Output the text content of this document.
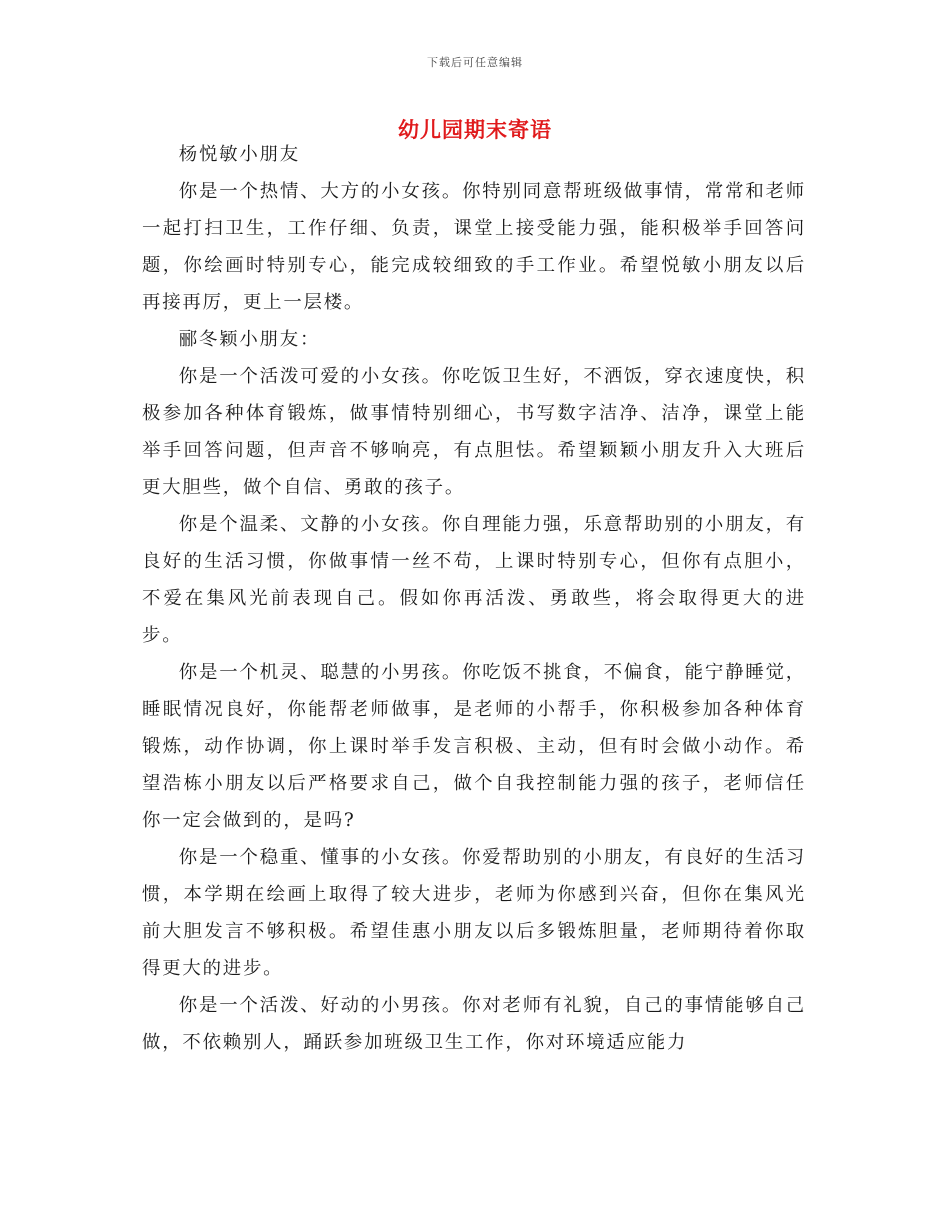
下载后可任意编辑
幼儿园期末寄语

杨悦敏小朋友

你是一个热情、大方的小女孩。你特别同意帮班级做事情，常常和老师一起打扫卫生，工作仔细、负责，课堂上接受能力强，能积极举手回答问题，你绘画时特别专心，能完成较细致的手工作业。希望悦敏小朋友以后再接再厉，更上一层楼。

郦冬颖小朋友：

你是一个活泼可爱的小女孩。你吃饭卫生好，不洒饭，穿衣速度快，积极参加各种体育锻炼，做事情特别细心，书写数字洁净、洁净，课堂上能举手回答问题，但声音不够响亮，有点胆怯。希望颖颖小朋友升入大班后更大胆些，做个自信、勇敢的孩子。

你是个温柔、文静的小女孩。你自理能力强，乐意帮助别的小朋友，有良好的生活习惯，你做事情一丝不苟，上课时特别专心，但你有点胆小，不爱在集风光前表现自己。假如你再活泼、勇敢些，将会取得更大的进步。

你是一个机灵、聪慧的小男孩。你吃饭不挑食，不偏食，能宁静睡觉，睡眠情况良好，你能帮老师做事，是老师的小帮手，你积极参加各种体育锻炼，动作协调，你上课时举手发言积极、主动，但有时会做小动作。希望浩栋小朋友以后严格要求自己，做个自我控制能力强的孩子，老师信任你一定会做到的，是吗?

你是一个稳重、懂事的小女孩。你爱帮助别的小朋友，有良好的生活习惯，本学期在绘画上取得了较大进步，老师为你感到兴奋，但你在集风光前大胆发言不够积极。希望佳惠小朋友以后多锻炼胆量，老师期待着你取得更大的进步。

你是一个活泼、好动的小男孩。你对老师有礼貌，自己的事情能够自己做，不依赖别人，踊跃参加班级卫生工作，你对环境适应能力
